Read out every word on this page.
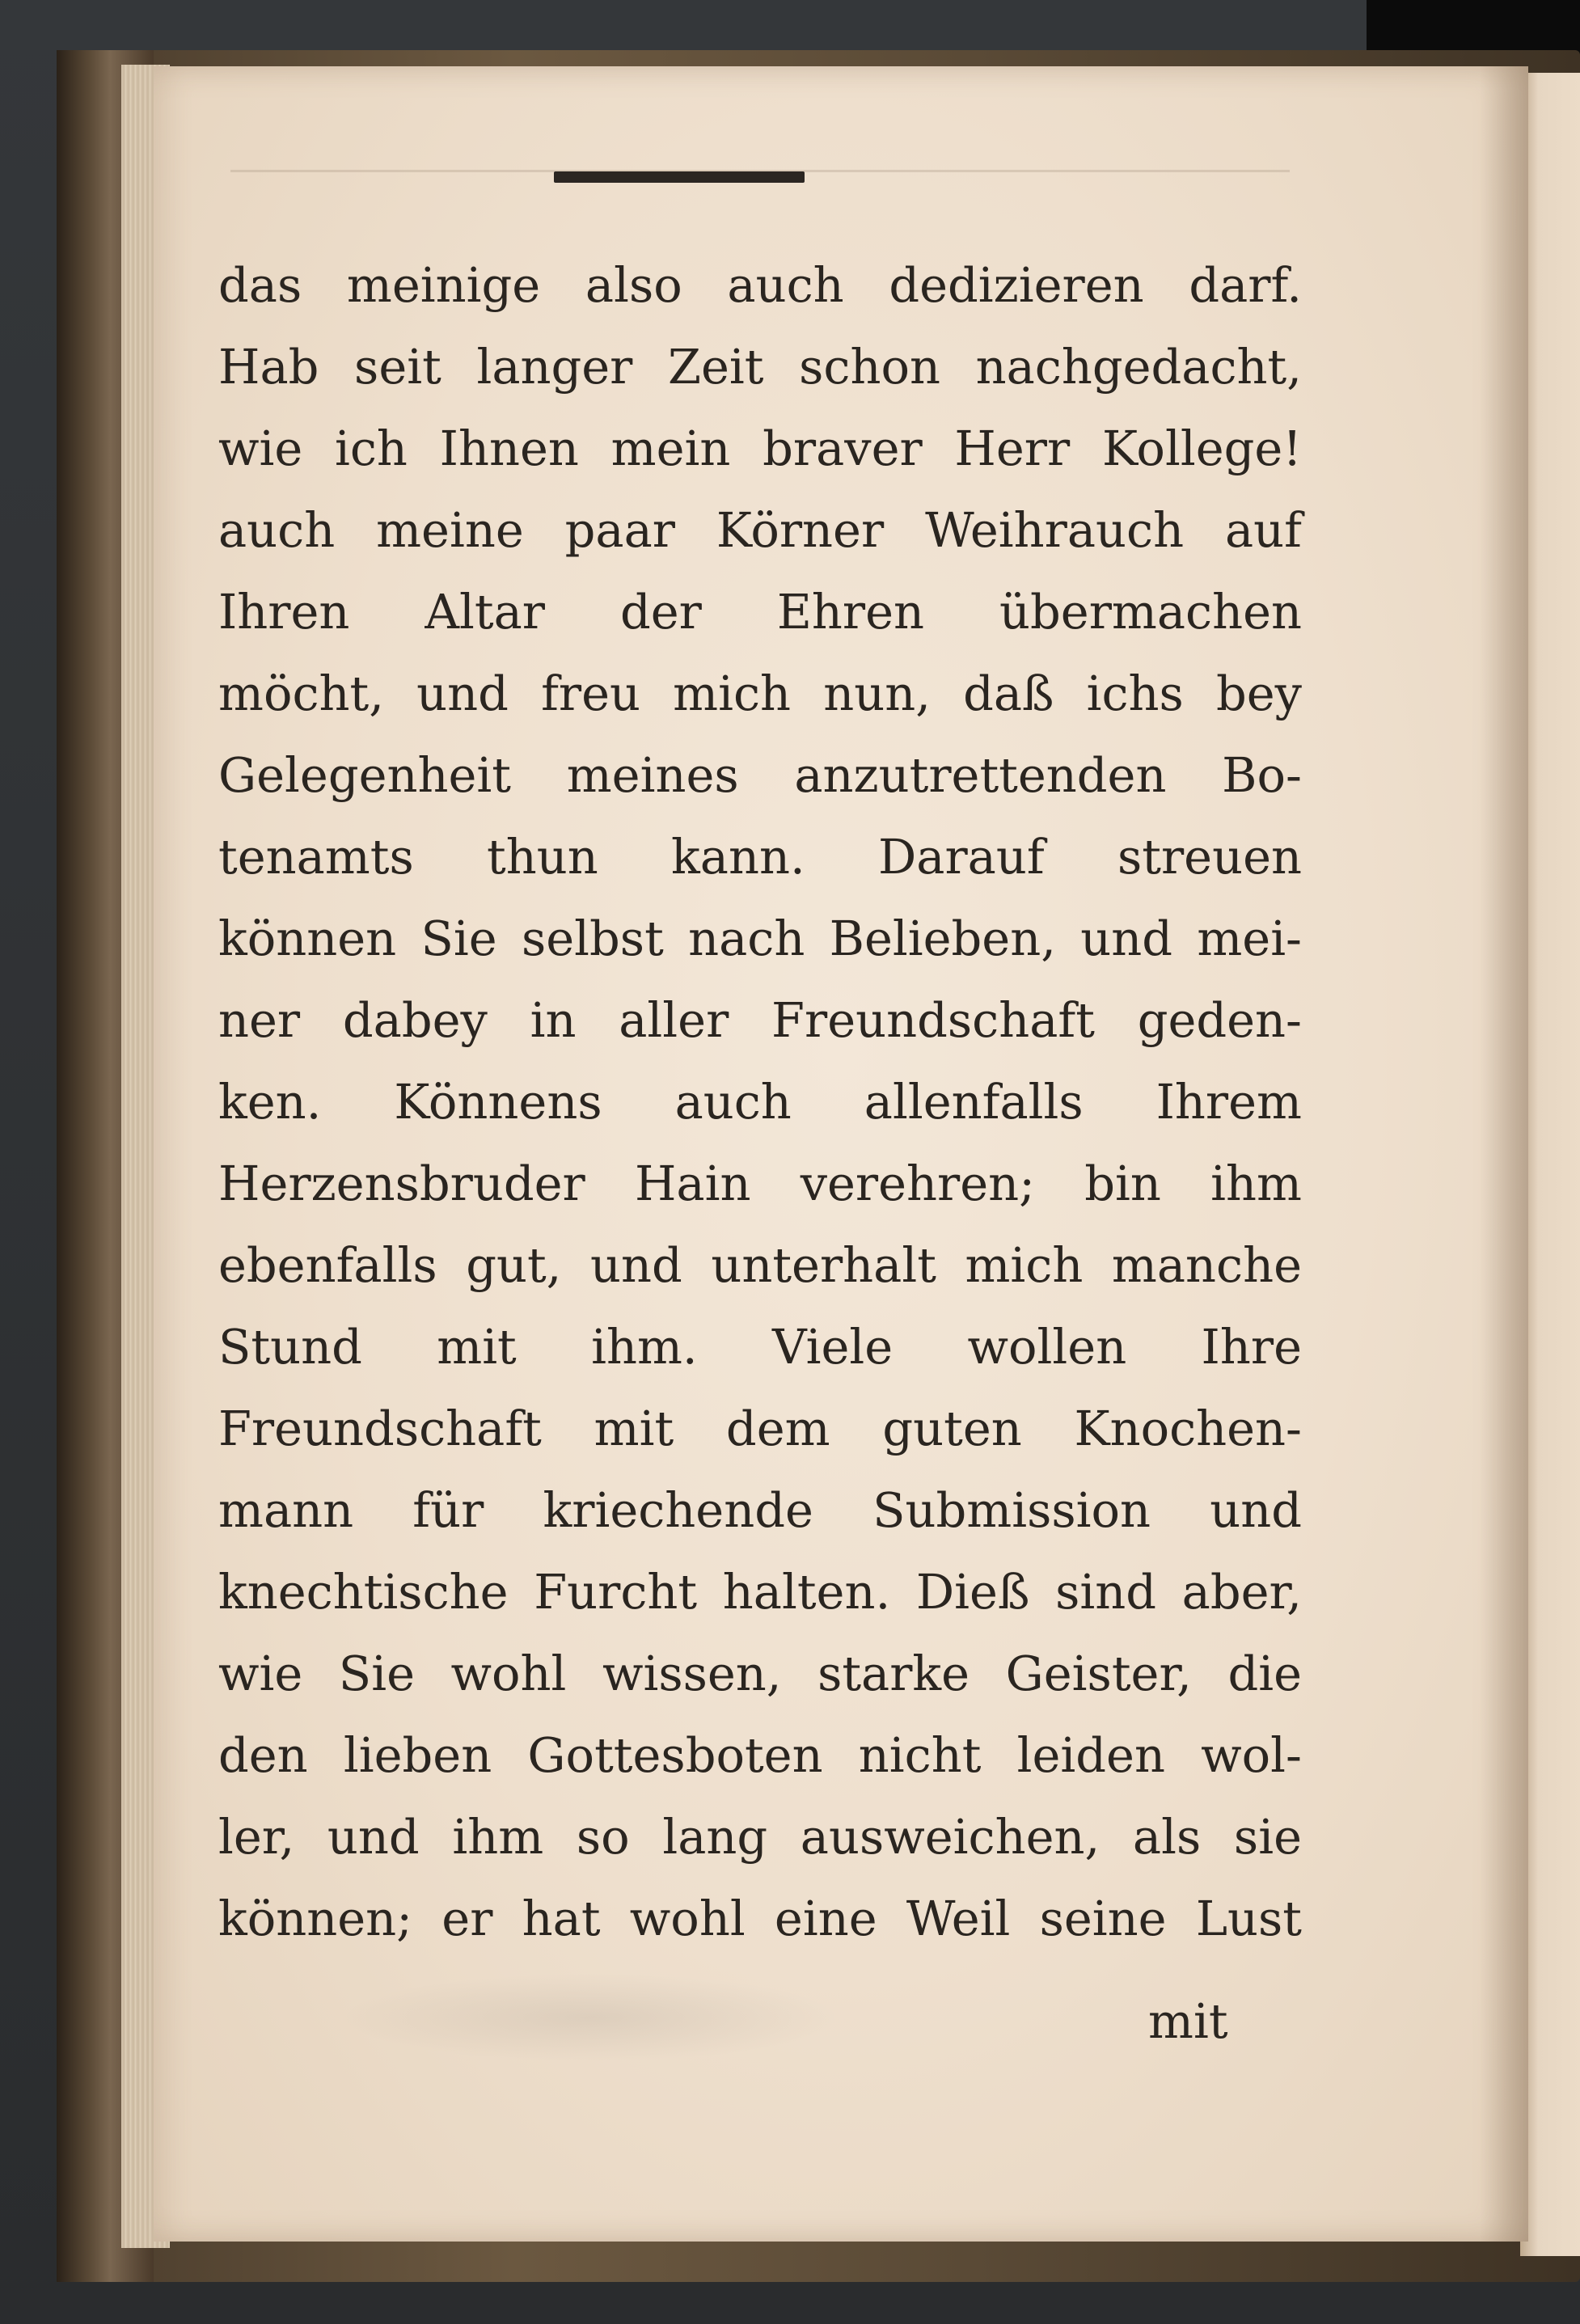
das meinige also auch dedizieren darf.
Hab seit langer Zeit schon nachgedacht,
wie ich Ihnen mein braver Herr Kollege!
auch meine paar Körner Weihrauch auf
Ihren Altar der Ehren übermachen
möcht, und freu mich nun, daß ichs bey
Gelegenheit meines anzutrettenden Bo-
tenamts thun kann. Darauf streuen
können Sie selbst nach Belieben, und mei-
ner dabey in aller Freundschaft geden-
ken. Könnens auch allenfalls Ihrem
Herzensbruder Hain verehren; bin ihm
ebenfalls gut, und unterhalt mich manche
Stund mit ihm. Viele wollen Ihre
Freundschaft mit dem guten Knochen-
mann für kriechende Submission und
knechtische Furcht halten. Dieß sind aber,
wie Sie wohl wissen, starke Geister, die
den lieben Gottesboten nicht leiden wol-
ler, und ihm so lang ausweichen, als sie
können; er hat wohl eine Weil seine Lust
mit
